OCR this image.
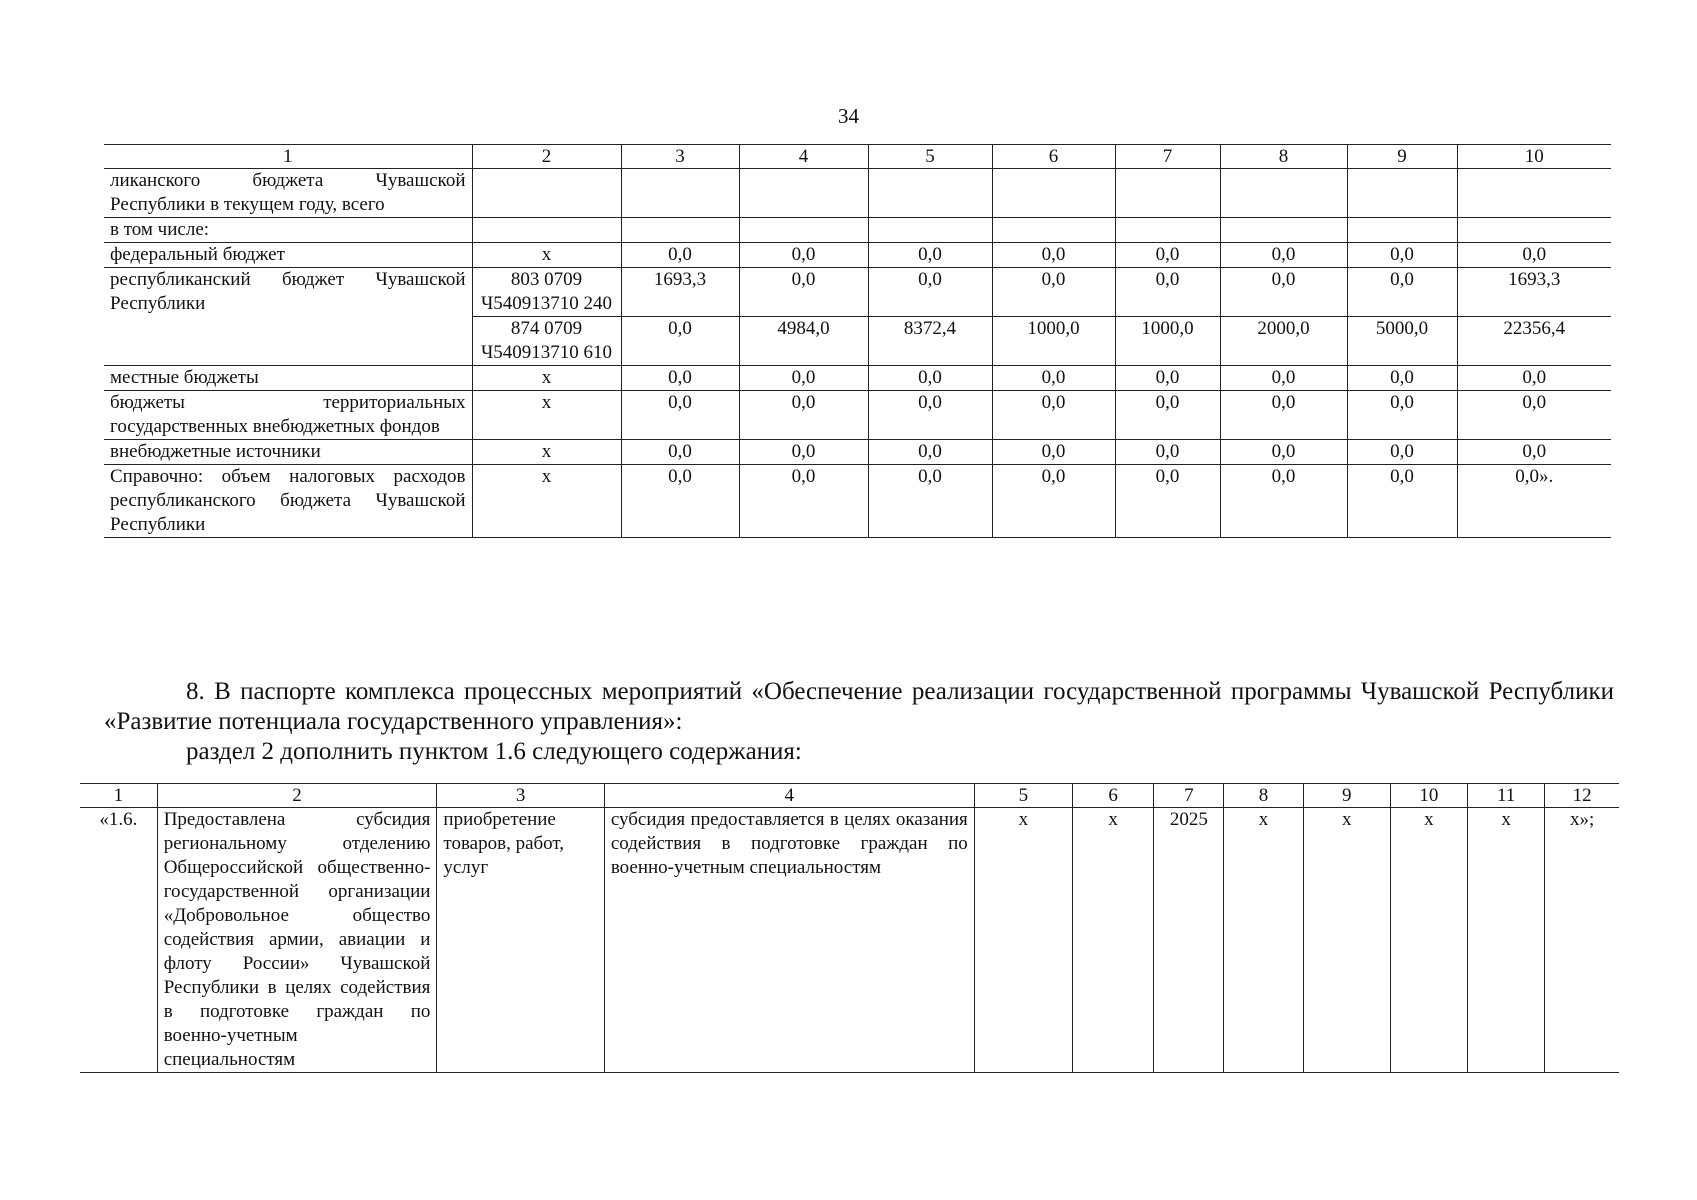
34
1	2	3	4	5	6	7	8	9	10
ликанского бюджета Чувашской Республики в текущем году, всего									
в том числе:									
федеральный бюджет	х	0,0	0,0	0,0	0,0	0,0	0,0	0,0	0,0
республиканский бюджет Чувашской Республики	803 0709 Ч540913710 240	1693,3	0,0	0,0	0,0	0,0	0,0	0,0	1693,3
	874 0709 Ч540913710 610	0,0	4984,0	8372,4	1000,0	1000,0	2000,0	5000,0	22356,4
местные бюджеты	х	0,0	0,0	0,0	0,0	0,0	0,0	0,0	0,0
бюджеты территориальных государственных внебюджетных фондов	х	0,0	0,0	0,0	0,0	0,0	0,0	0,0	0,0
внебюджетные источники	х	0,0	0,0	0,0	0,0	0,0	0,0	0,0	0,0
Справочно: объем налоговых расходов республиканского бюджета Чувашской Республики	х	0,0	0,0	0,0	0,0	0,0	0,0	0,0	0,0».
8. В паспорте комплекса процессных мероприятий «Обеспечение реализации государственной программы Чувашской Республики «Развитие потенциала государственного управления»:
раздел 2 дополнить пунктом 1.6 следующего содержания:
1	2	3	4	5	6	7	8	9	10	11	12
«1.6.	Предоставлена субсидия региональному отделению Общероссийской общественно-государственной организации «Добровольное общество содействия армии, авиации и флоту России» Чувашской Республики в целях содействия в подготовке граждан по военно-учетным специальностям	приобретение товаров, работ, услуг	субсидия предоставляется в целях оказания содействия в подготовке граждан по военно-учетным специальностям	х	х	2025	х	х	х	х	х»;
